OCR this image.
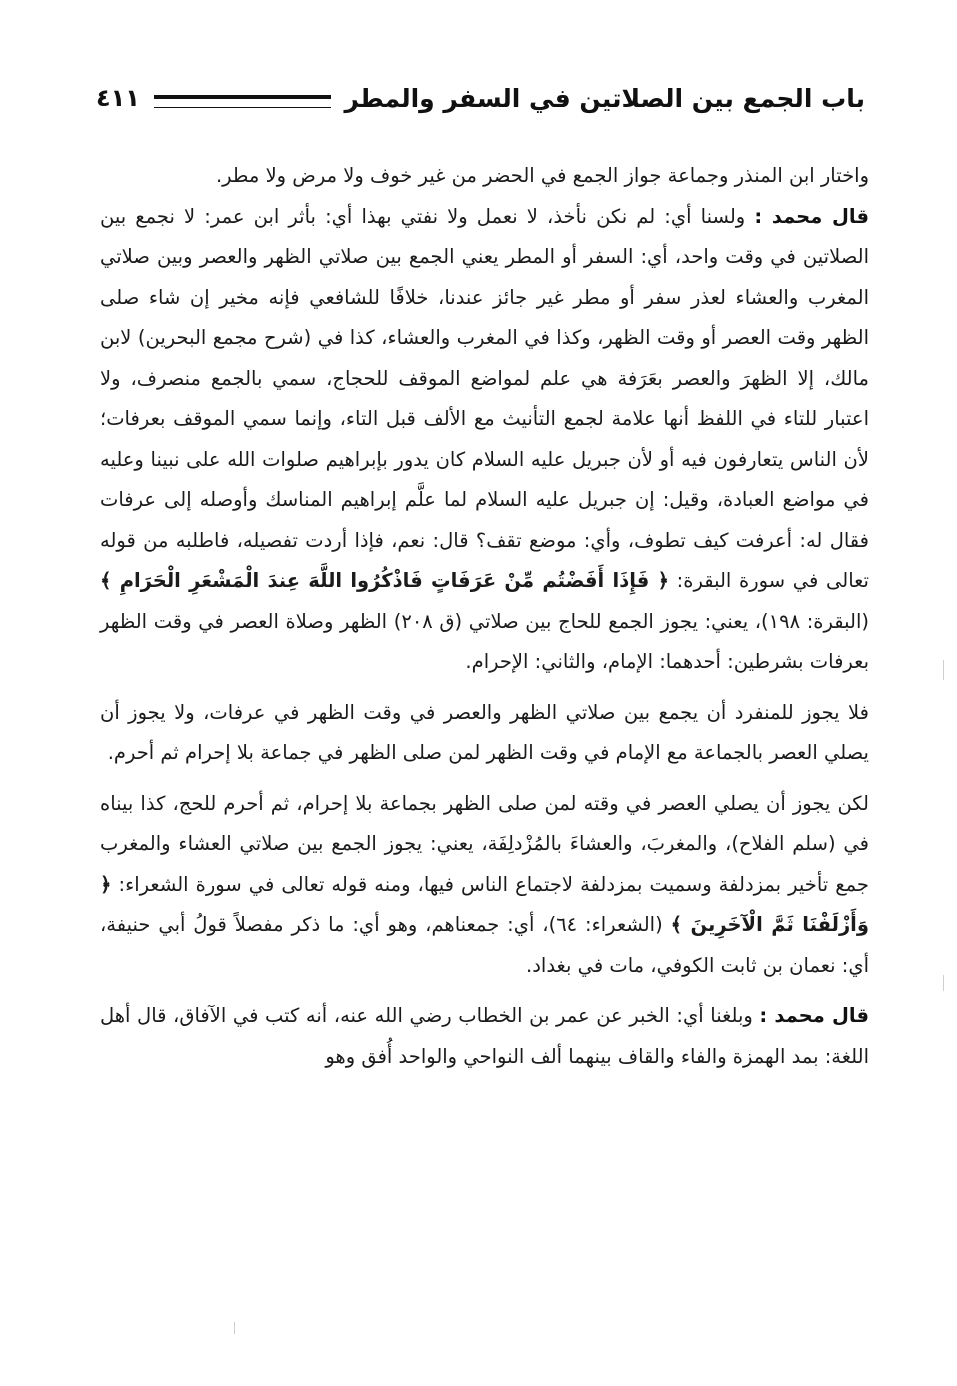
باب الجمع بين الصلاتين في السفر والمطر
٤١١

واختار ابن المنذر وجماعة جواز الجمع في الحضر من غير خوف ولا مرض ولا مطر.

قال محمد : ولسنا أي: لم نكن نأخذ، لا نعمل ولا نفتي بهذا أي: بأثر ابن عمر: لا نجمع بين الصلاتين في وقت واحد، أي: السفر أو المطر يعني الجمع بين صلاتي الظهر والعصر وبين صلاتي المغرب والعشاء لعذر سفر أو مطر غير جائز عندنا، خلافًا للشافعي فإنه مخير إن شاء صلى الظهر وقت العصر أو وقت الظهر، وكذا في المغرب والعشاء، كذا في (شرح مجمع البحرين) لابن مالك، إلا الظهرَ والعصر بعَرَفة هي علم لمواضع الموقف للحجاج، سمي بالجمع منصرف، ولا اعتبار للتاء في اللفظ أنها علامة لجمع التأنيث مع الألف قبل التاء، وإنما سمي الموقف بعرفات؛ لأن الناس يتعارفون فيه أو لأن جبريل عليه السلام كان يدور بإبراهيم صلوات الله على نبينا وعليه في مواضع العبادة، وقيل: إن جبريل عليه السلام لما علَّم إبراهيم المناسك وأوصله إلى عرفات فقال له: أعرفت كيف تطوف، وأي: موضع تقف؟ قال: نعم، فإذا أردت تفصيله، فاطلبه من قوله تعالى في سورة البقرة: ﴿ فَإِذَا أَفَضْتُم مِّنْ عَرَفَاتٍ فَاذْكُرُوا اللَّهَ عِندَ الْمَشْعَرِ الْحَرَامِ ﴾ (البقرة: ١٩٨)، يعني: يجوز الجمع للحاج بين صلاتي (ق ٢٠٨) الظهر وصلاة العصر في وقت الظهر بعرفات بشرطين: أحدهما: الإمام، والثاني: الإحرام.

فلا يجوز للمنفرد أن يجمع بين صلاتي الظهر والعصر في وقت الظهر في عرفات، ولا يجوز أن يصلي العصر بالجماعة مع الإمام في وقت الظهر لمن صلى الظهر في جماعة بلا إحرام ثم أحرم.

لكن يجوز أن يصلي العصر في وقته لمن صلى الظهر بجماعة بلا إحرام، ثم أحرم للحج، كذا بيناه في (سلم الفلاح)، والمغربَ، والعشاءَ بالمُزْدلِفَة، يعني: يجوز الجمع بين صلاتي العشاء والمغرب جمع تأخير بمزدلفة وسميت بمزدلفة لاجتماع الناس فيها، ومنه قوله تعالى في سورة الشعراء: ﴿ وَأَزْلَفْنَا ثَمَّ الْآخَرِينَ ﴾ (الشعراء: ٦٤)، أي: جمعناهم، وهو أي: ما ذكر مفصلاً قولُ أبي حنيفة، أي: نعمان بن ثابت الكوفي، مات في بغداد.

قال محمد : وبلغنا أي: الخبر عن عمر بن الخطاب رضي الله عنه، أنه كتب في الآفاق، قال أهل اللغة: بمد الهمزة والفاء والقاف بينهما ألف النواحي والواحد أُفق وهو
